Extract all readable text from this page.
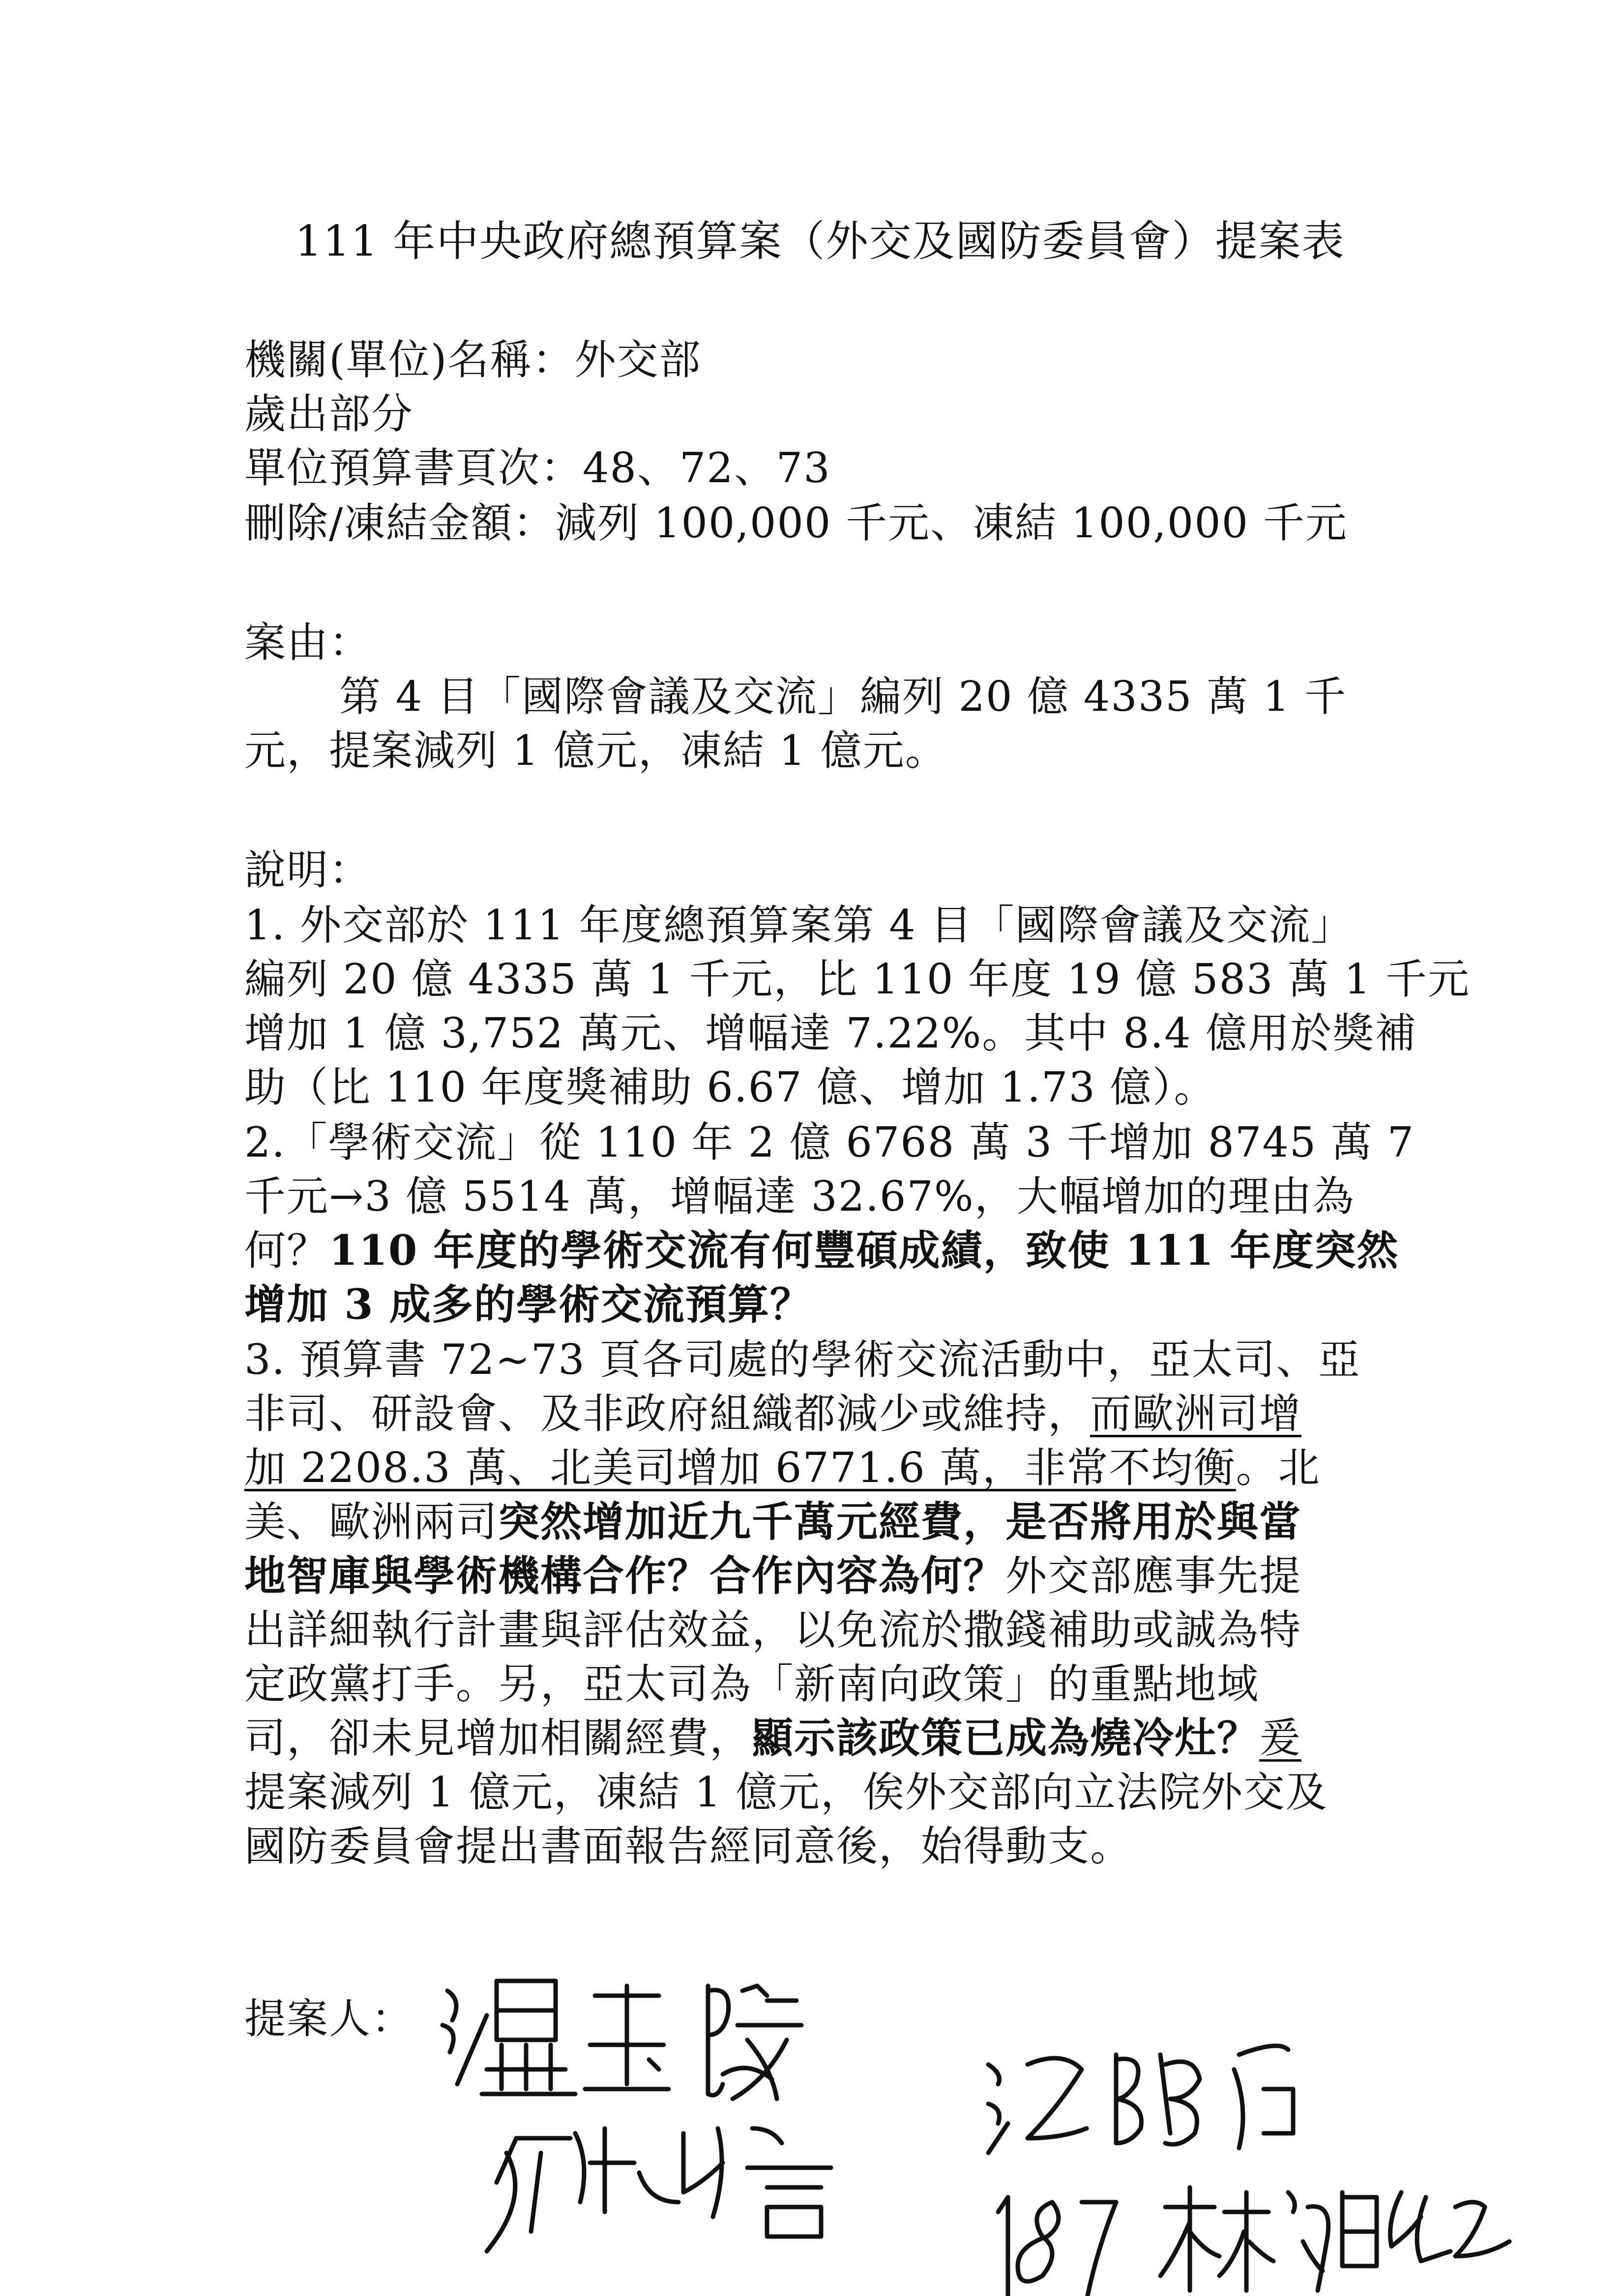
111 年中央政府總預算案（外交及國防委員會）提案表
機關(單位)名稱：外交部
歲出部分
單位預算書頁次：48、72、73
刪除/凍結金額：減列 100,000 千元、凍結 100,000 千元
案由：
第 4 目「國際會議及交流」編列 20 億 4335 萬 1 千
元，提案減列 1 億元，凍結 1 億元。
說明：
1. 外交部於 111 年度總預算案第 4 目「國際會議及交流」
編列 20 億 4335 萬 1 千元，比 110 年度 19 億 583 萬 1 千元
增加 1 億 3,752 萬元、增幅達 7.22%。其中 8.4 億用於獎補
助（比 110 年度獎補助 6.67 億、增加 1.73 億）。
2.「學術交流」從 110 年 2 億 6768 萬 3 千增加 8745 萬 7
千元→3 億 5514 萬，增幅達 32.67%，大幅增加的理由為
何？110 年度的學術交流有何豐碩成績，致使 111 年度突然
增加 3 成多的學術交流預算？
3. 預算書 72~73 頁各司處的學術交流活動中，亞太司、亞
非司、研設會、及非政府組織都減少或維持，而歐洲司增
加 2208.3 萬、北美司增加 6771.6 萬，非常不均衡。北
美、歐洲兩司突然增加近九千萬元經費，是否將用於與當
地智庫與學術機構合作？合作內容為何？外交部應事先提
出詳細執行計畫與評估效益，以免流於撒錢補助或誠為特
定政黨打手。另，亞太司為「新南向政策」的重點地域
司，卻未見增加相關經費，顯示該政策已成為燒冷灶？爰
提案減列 1 億元，凍結 1 億元，俟外交部向立法院外交及
國防委員會提出書面報告經同意後，始得動支。
提案人：
